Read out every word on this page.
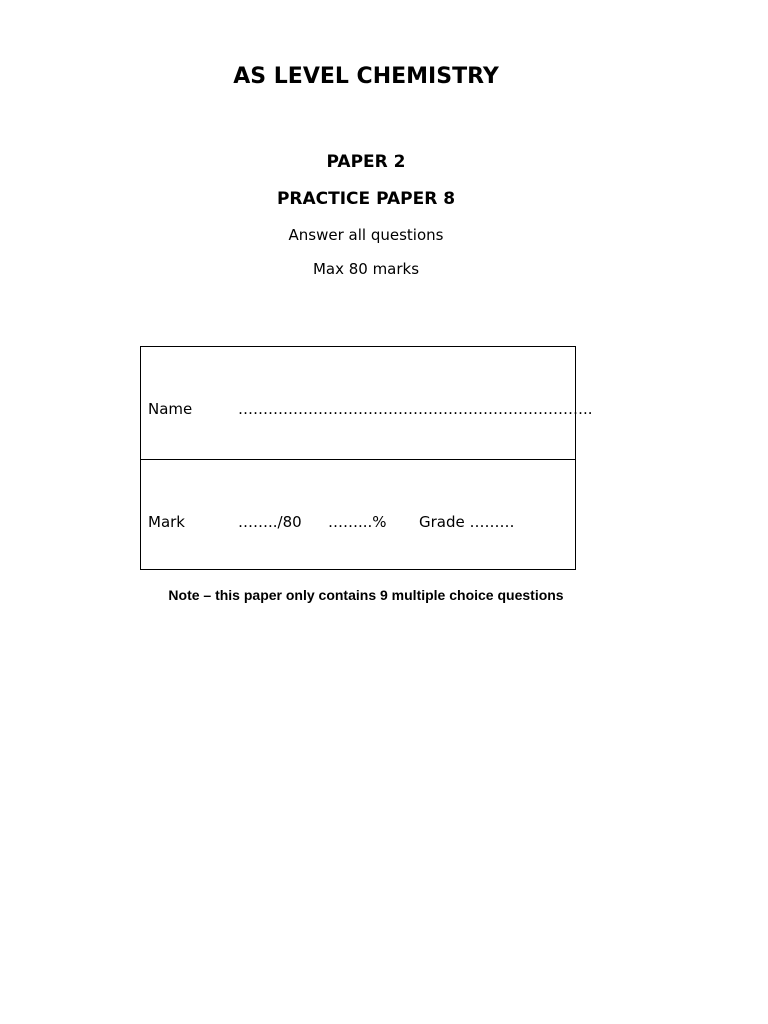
AS LEVEL CHEMISTRY
PAPER 2
PRACTICE PAPER 8
Answer all questions
Max 80 marks
Name	……………………………………………………………..
Mark	……../80 ……...% Grade ………
Note – this paper only contains 9 multiple choice questions
